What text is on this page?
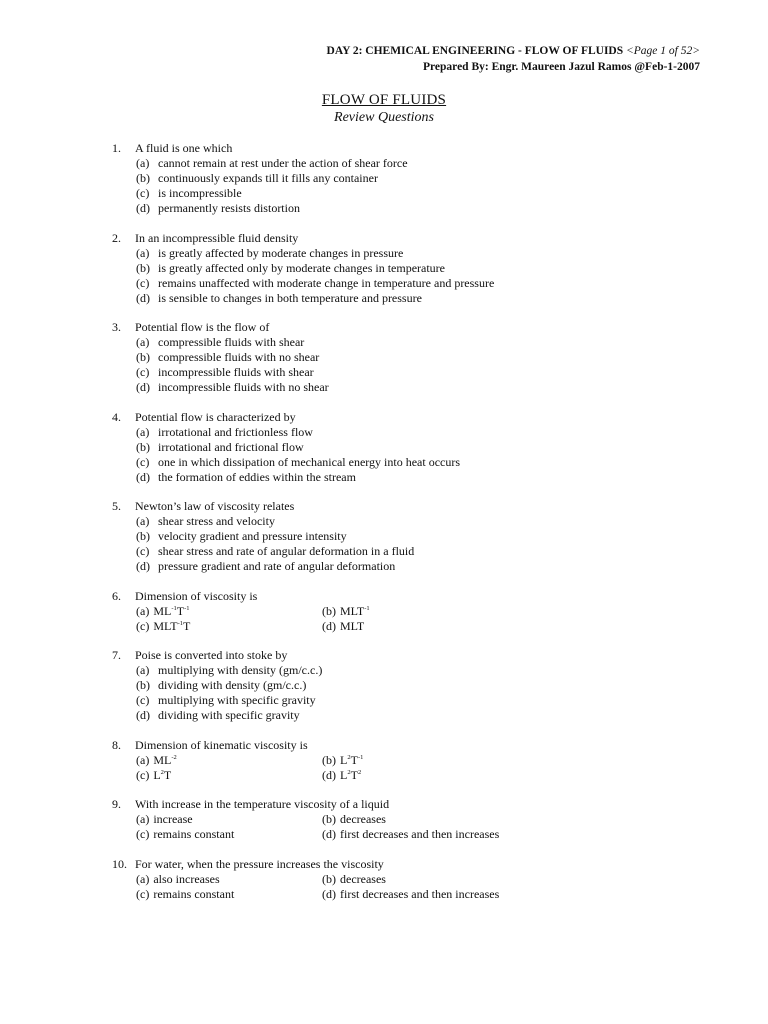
DAY 2: CHEMICAL ENGINEERING - FLOW OF FLUIDS <Page 1 of 52>
Prepared By: Engr. Maureen Jazul Ramos @Feb-1-2007
FLOW OF FLUIDS
Review Questions
1.	A fluid is one which
(a) cannot remain at rest under the action of shear force
(b) continuously expands till it fills any container
(c) is incompressible
(d) permanently resists distortion
2.	In an incompressible fluid density
(a) is greatly affected by moderate changes in pressure
(b) is greatly affected only by moderate changes in temperature
(c) remains unaffected with moderate change in temperature and pressure
(d) is sensible to changes in both temperature and pressure
3.	Potential flow is the flow of
(a) compressible fluids with shear
(b) compressible fluids with no shear
(c) incompressible fluids with shear
(d) incompressible fluids with no shear
4.	Potential flow is characterized by
(a) irrotational and frictionless flow
(b) irrotational and frictional flow
(c) one in which dissipation of mechanical energy into heat occurs
(d) the formation of eddies within the stream
5.	Newton’s law of viscosity relates
(a) shear stress and velocity
(b) velocity gradient and pressure intensity
(c) shear stress and rate of angular deformation in a fluid
(d) pressure gradient and rate of angular deformation
6.	Dimension of viscosity is
(a) $ML^{-1}T^{-1}$	(b) $MLT^{-1}$
(c) $MLT^{-1}T$	(d) MLT
7.	Poise is converted into stoke by
(a) multiplying with density (gm/c.c.)
(b) dividing with density (gm/c.c.)
(c) multiplying with specific gravity
(d) dividing with specific gravity
8.	Dimension of kinematic viscosity is
(a) $ML^{-2}$	(b) $L^2T^{-1}$
(c) $L^2T$	(d) $L^2T^2$
9.	With increase in the temperature viscosity of a liquid
(a) increase	(b) decreases
(c) remains constant	(d) first decreases and then increases
10. For water, when the pressure increases the viscosity
(a) also increases	(b) decreases
(c) remains constant	(d) first decreases and then increases
